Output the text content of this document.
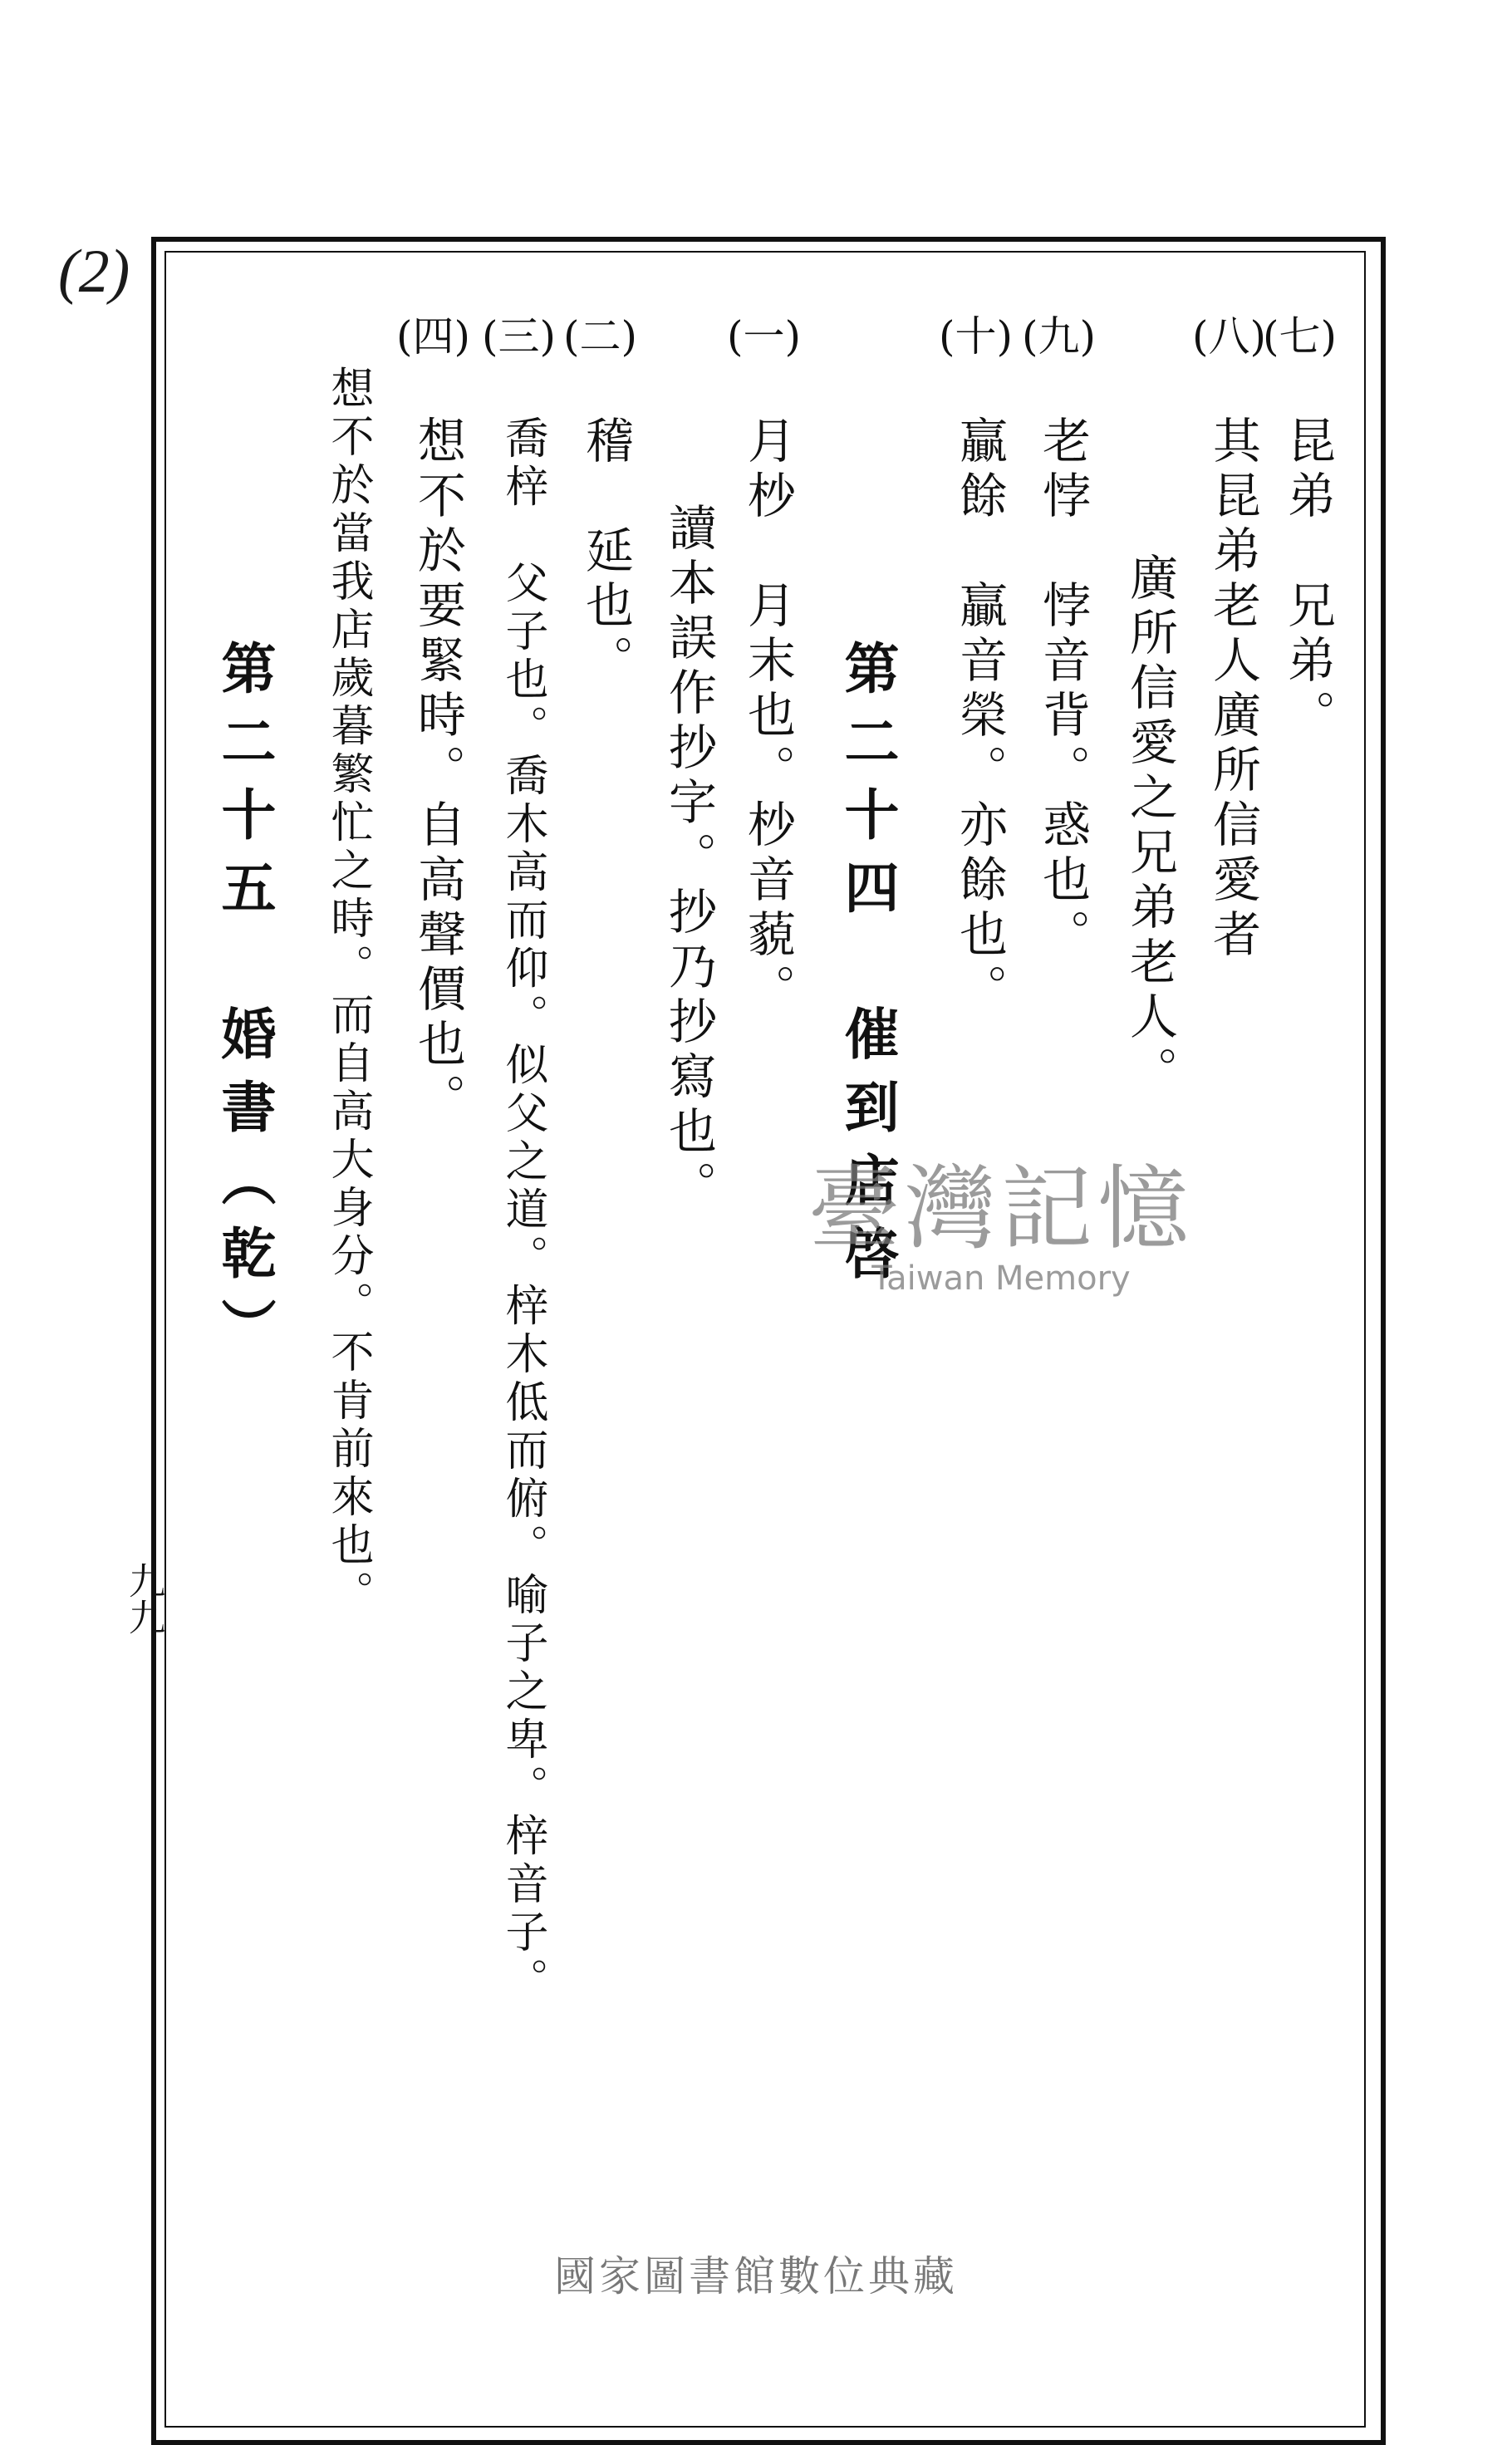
(2)
(七)
昆弟　兄弟。
(八)
其昆弟老人廣所信愛者
廣所信愛之兄弟老人。
(九)
老悖　悖音背。惑也。
(十)
贏餘　贏音榮。亦餘也。
第二十四　催到店啓
(一)
月杪　月末也。杪音藐。
讀本誤作抄字。抄乃抄寫也。
(二)
稽　延也。
(三)
喬梓　父子也。喬木高而仰。似父之道。梓木低而俯。喻子之卑。梓音子。
(四)
想不於要緊時。自高聲價也。
想不於當我店歲暮繁忙之時。而自高大身分。不肯前來也。
第二十五　婚書（乾）	臺灣記憶
Taiwan Memory
九九
國家圖書館數位典藏
